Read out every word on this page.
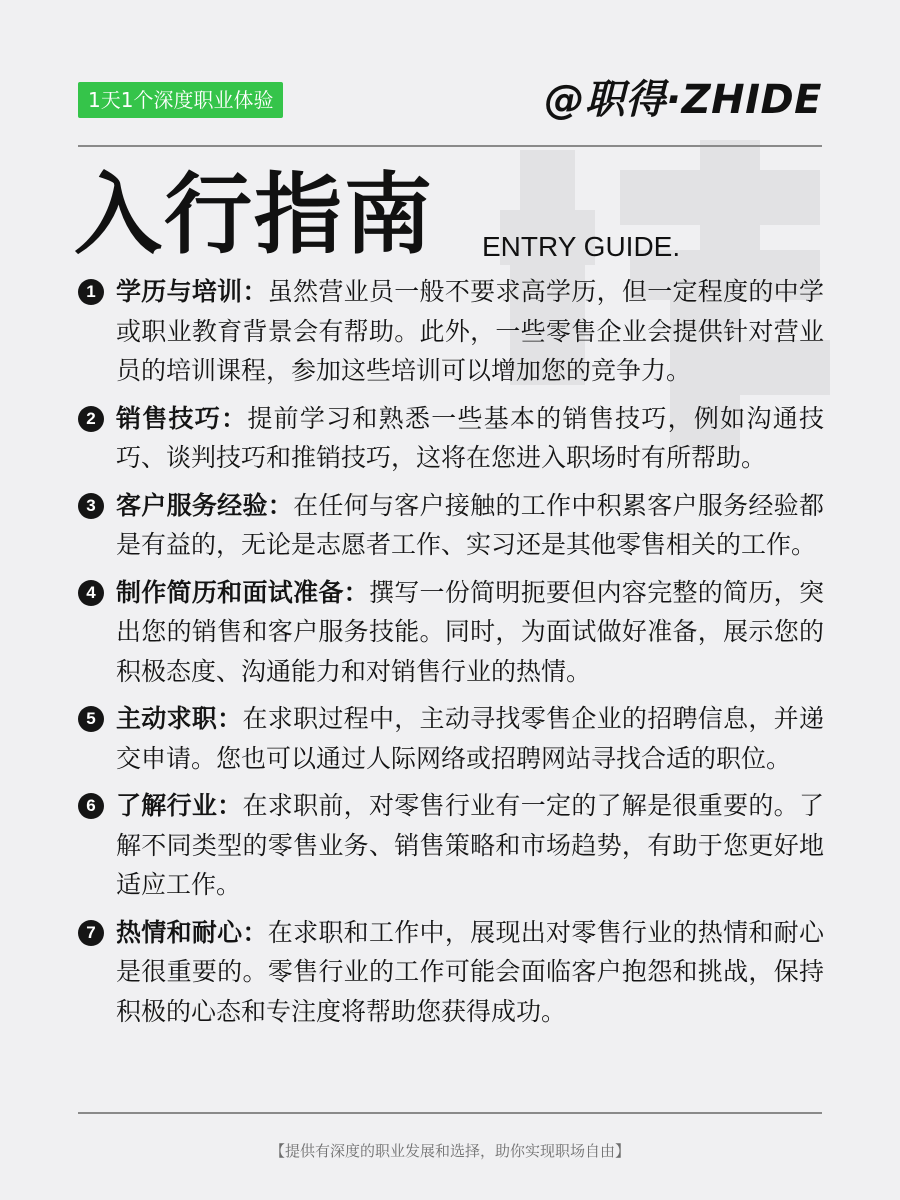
1天1个深度职业体验	@职得·ZHIDE
入行指南 ENTRY GUIDE.
1 学历与培训：虽然营业员一般不要求高学历，但一定程度的中学或职业教育背景会有帮助。此外，一些零售企业会提供针对营业员的培训课程，参加这些培训可以增加您的竞争力。
2 销售技巧：提前学习和熟悉一些基本的销售技巧，例如沟通技巧、谈判技巧和推销技巧，这将在您进入职场时有所帮助。
3 客户服务经验：在任何与客户接触的工作中积累客户服务经验都是有益的，无论是志愿者工作、实习还是其他零售相关的工作。
4 制作简历和面试准备：撰写一份简明扼要但内容完整的简历，突出您的销售和客户服务技能。同时，为面试做好准备，展示您的积极态度、沟通能力和对销售行业的热情。
5 主动求职：在求职过程中，主动寻找零售企业的招聘信息，并递交申请。您也可以通过人际网络或招聘网站寻找合适的职位。
6 了解行业：在求职前，对零售行业有一定的了解是很重要的。了解不同类型的零售业务、销售策略和市场趋势，有助于您更好地适应工作。
7 热情和耐心：在求职和工作中，展现出对零售行业的热情和耐心是很重要的。零售行业的工作可能会面临客户抱怨和挑战，保持积极的心态和专注度将帮助您获得成功。
【提供有深度的职业发展和选择，助你实现职场自由】
